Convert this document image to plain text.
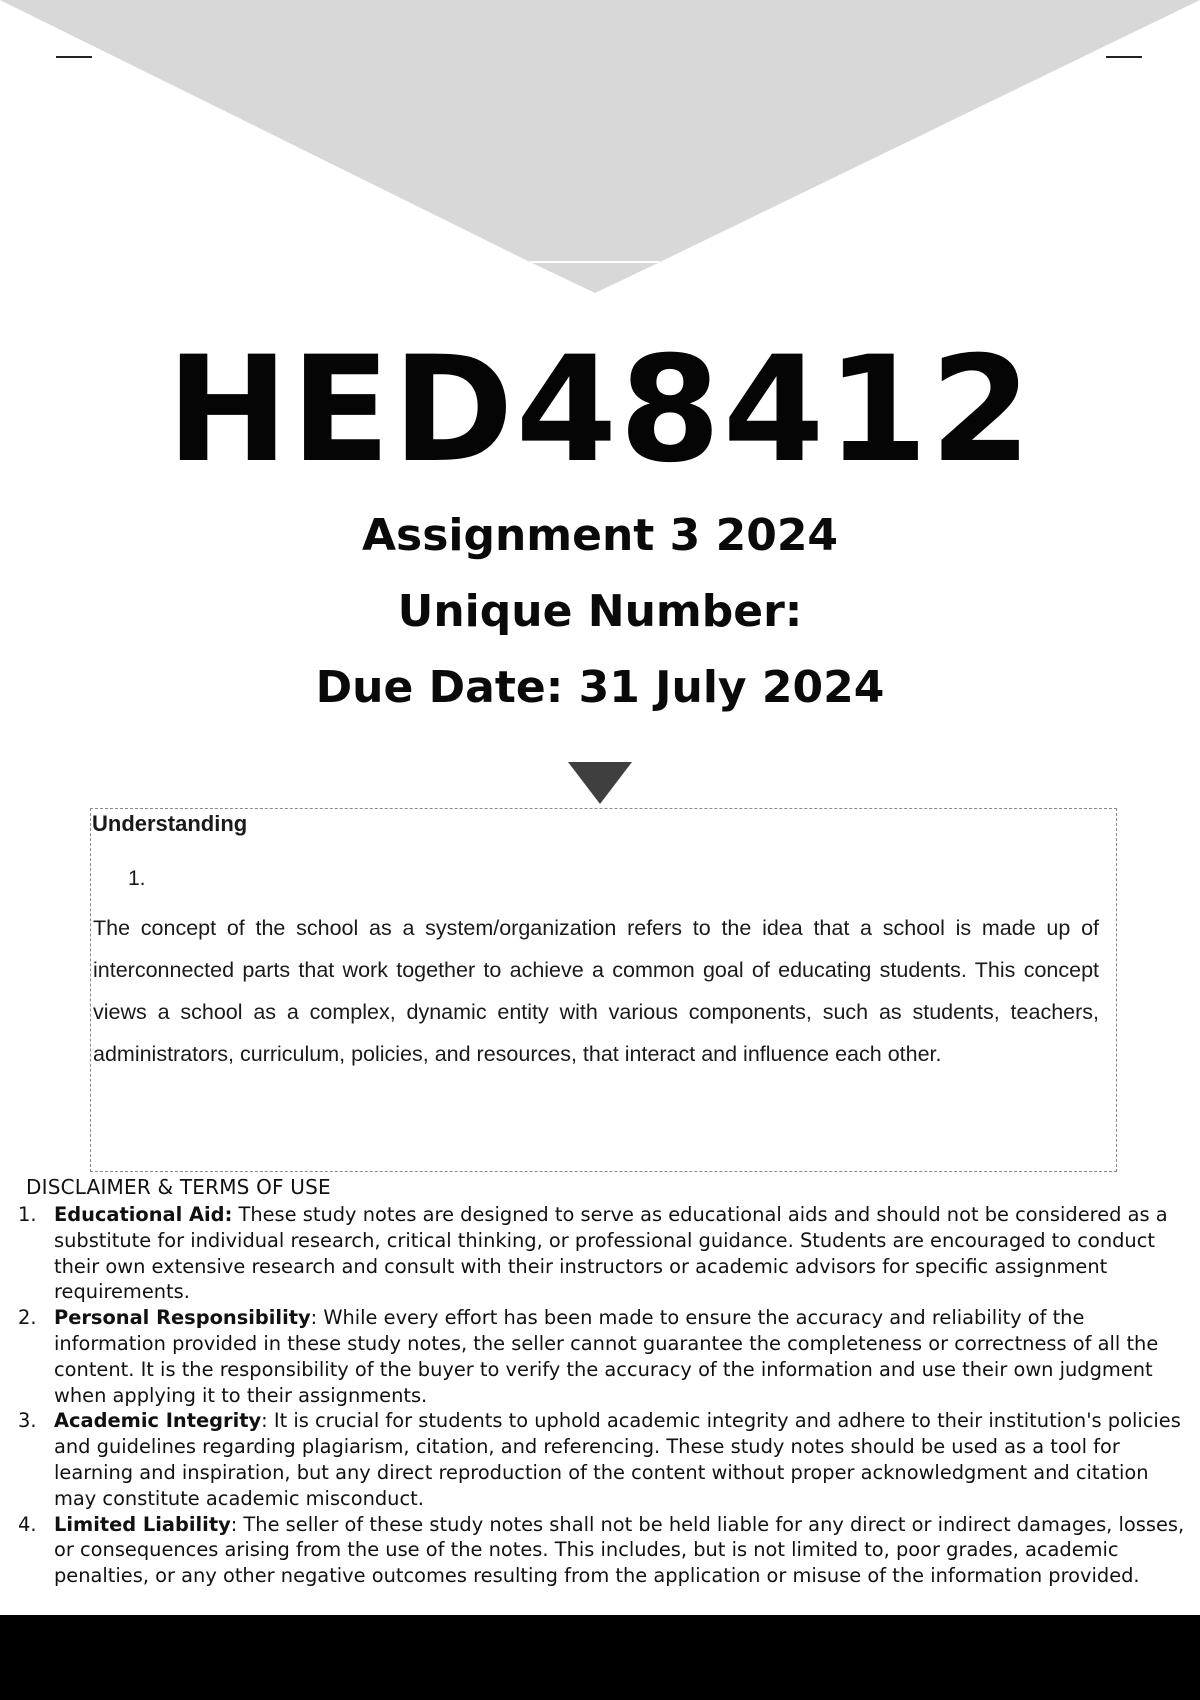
HED48412
Assignment 3 2024
Unique Number:
Due Date: 31 July 2024
Understanding
1.

The concept of the school as a system/organization refers to the idea that a school is made up of interconnected parts that work together to achieve a common goal of educating students. This concept views a school as a complex, dynamic entity with various components, such as students, teachers, administrators, curriculum, policies, and resources, that interact and influence each other.

DISCLAIMER & TERMS OF USE
1. Educational Aid: These study notes are designed to serve as educational aids and should not be considered as a substitute for individual research, critical thinking, or professional guidance. Students are encouraged to conduct their own extensive research and consult with their instructors or academic advisors for specific assignment requirements.
2. Personal Responsibility: While every effort has been made to ensure the accuracy and reliability of the information provided in these study notes, the seller cannot guarantee the completeness or correctness of all the content. It is the responsibility of the buyer to verify the accuracy of the information and use their own judgment when applying it to their assignments.
3. Academic Integrity: It is crucial for students to uphold academic integrity and adhere to their institution's policies and guidelines regarding plagiarism, citation, and referencing. These study notes should be used as a tool for learning and inspiration, but any direct reproduction of the content without proper acknowledgment and citation may constitute academic misconduct.
4. Limited Liability: The seller of these study notes shall not be held liable for any direct or indirect damages, losses, or consequences arising from the use of the notes. This includes, but is not limited to, poor grades, academic penalties, or any other negative outcomes resulting from the application or misuse of the information provided.
